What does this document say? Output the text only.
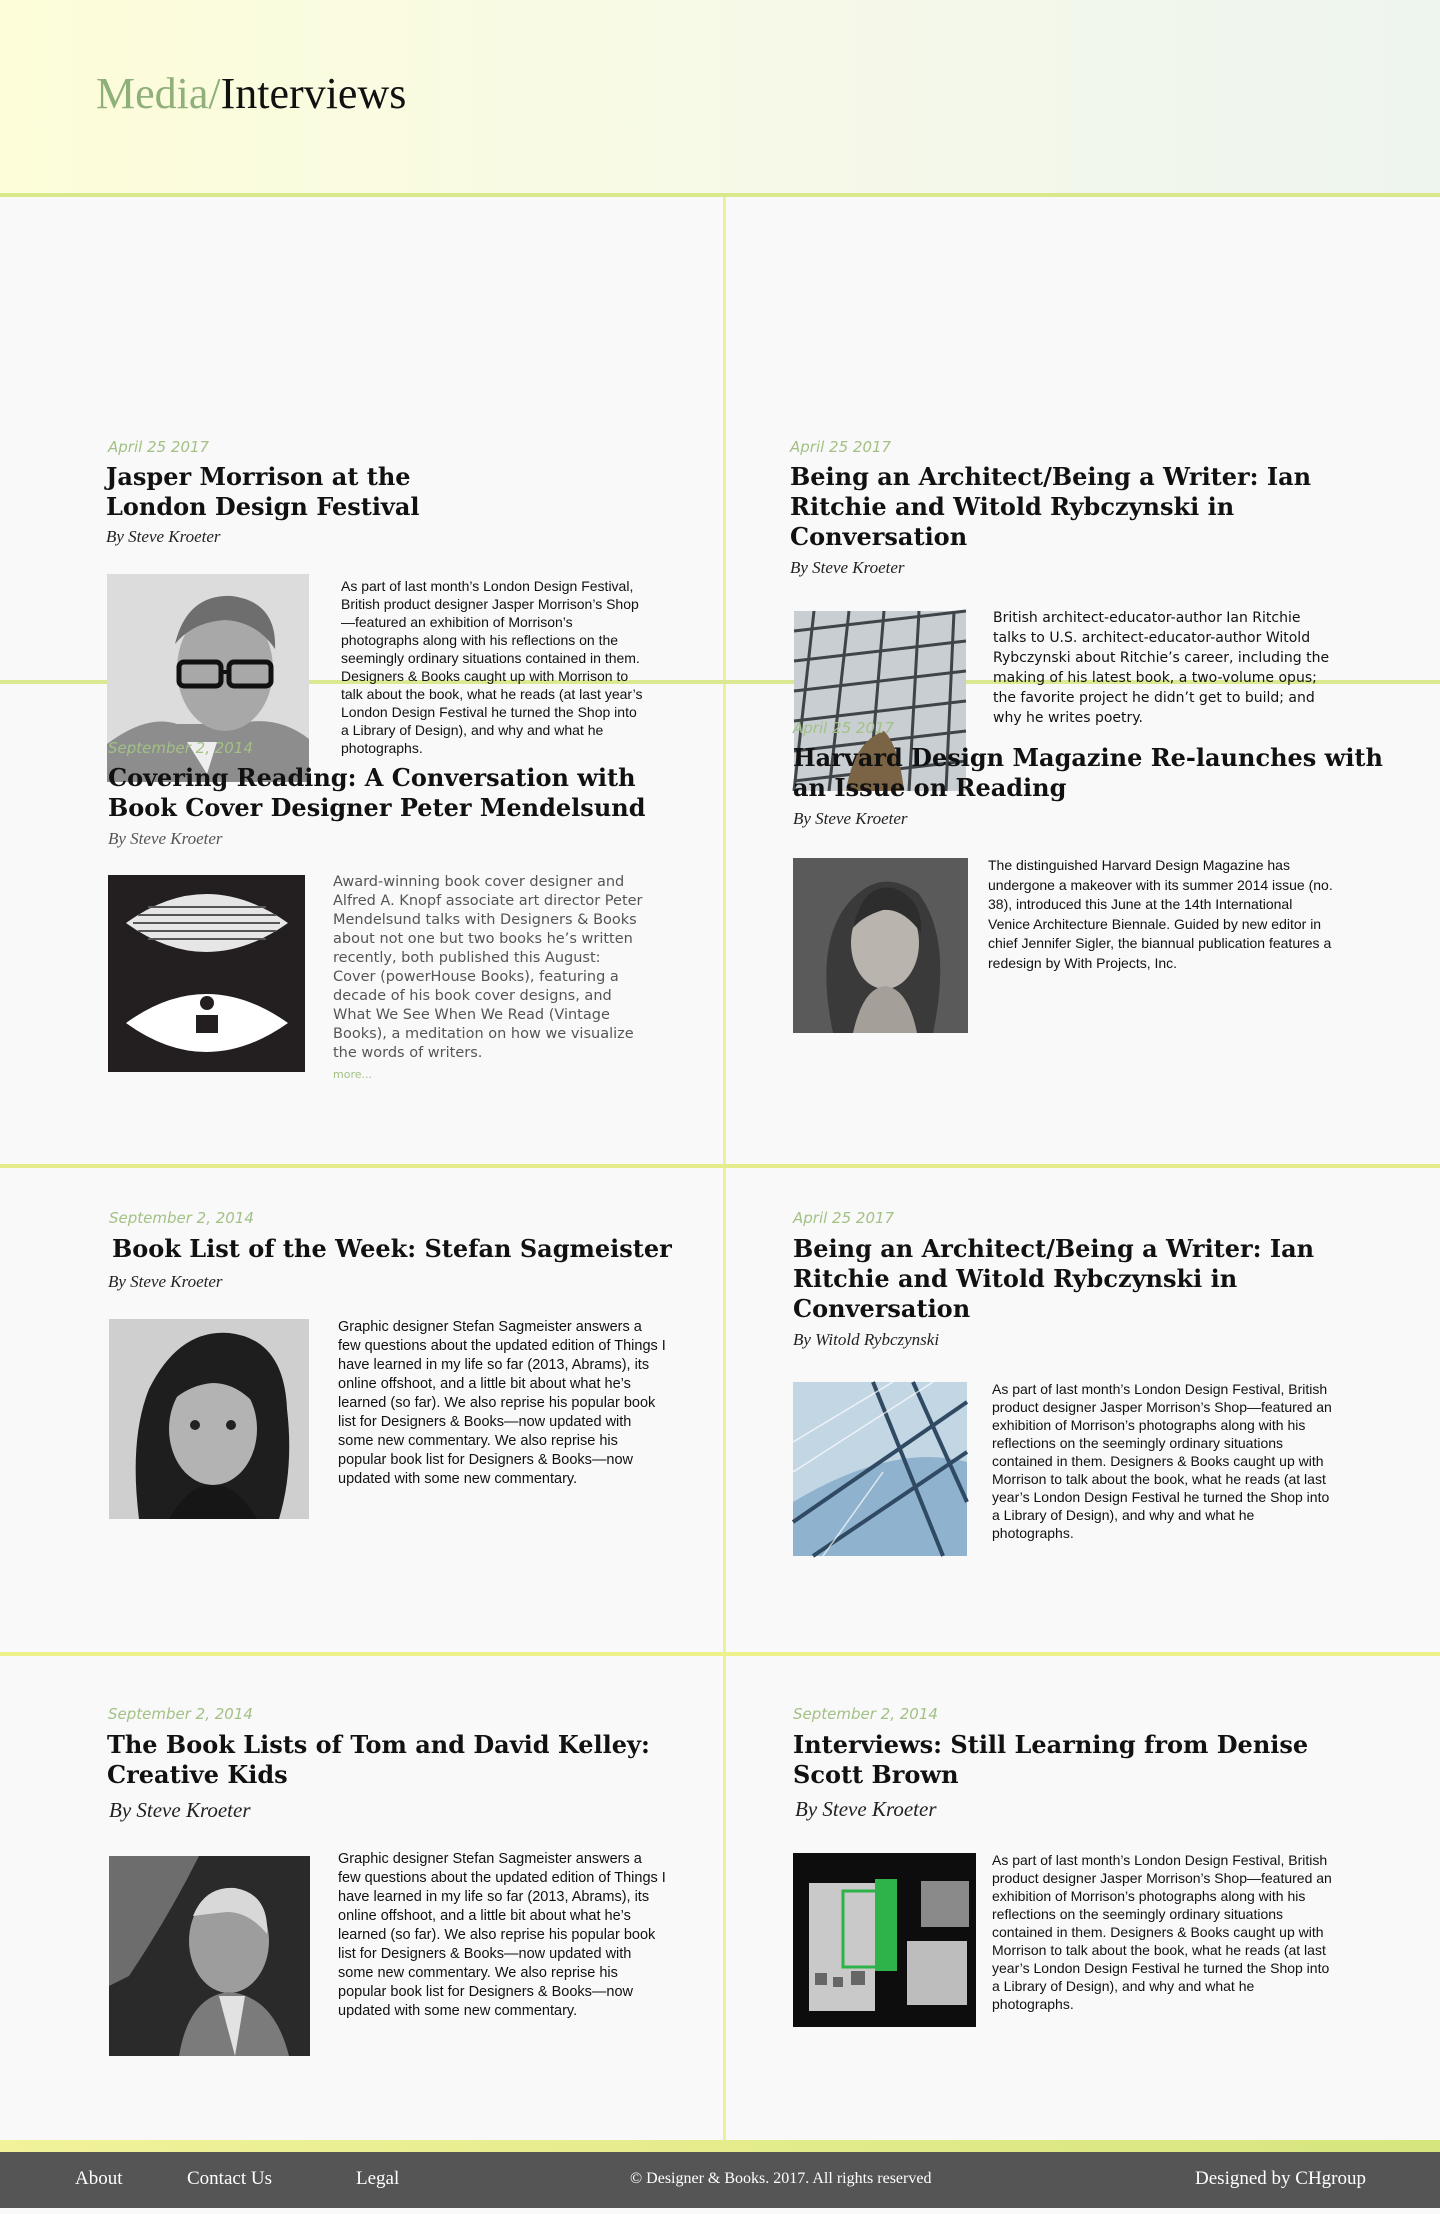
Media/Interviews
April 25 2017
Jasper Morrison at the London Design Festival
By Steve Kroeter
As part of last month’s London Design Festival, British product designer Jasper Morrison’s Shop—featured an exhibition of Morrison’s photographs along with his reflections on the seemingly ordinary situations contained in them. Designers & Books caught up with Morrison to talk about the book, what he reads (at last year’s London Design Festival he turned the Shop into a Library of Design), and why and what he photographs.
April 25 2017
Being an Architect/Being a Writer: Ian Ritchie and Witold Rybczynski in Conversation
By Steve Kroeter
British architect-educator-author Ian Ritchie talks to U.S. architect-educator-author Witold Rybczynski about Ritchie’s career, including the making of his latest book, a two-volume opus; the favorite project he didn’t get to build; and why he writes poetry.
September 2, 2014
Covering Reading: A Conversation with Book Cover Designer Peter Mendelsund
By Steve Kroeter
Award-winning book cover designer and Alfred A. Knopf associate art director Peter Mendelsund talks with Designers & Books about not one but two books he’s written recently, both published this August: Cover (powerHouse Books), featuring a decade of his book cover designs, and What We See When We Read (Vintage Books), a meditation on how we visualize the words of writers.
more...
April 25 2017
Harvard Design Magazine Re-launches with an Issue on Reading
By Steve Kroeter
The distinguished Harvard Design Magazine has undergone a makeover with its summer 2014 issue (no. 38), introduced this June at the 14th International Venice Architecture Biennale. Guided by new editor in chief Jennifer Sigler, the biannual publication features a redesign by With Projects, Inc.
September 2, 2014
Book List of the Week: Stefan Sagmeister
By Steve Kroeter
Graphic designer Stefan Sagmeister answers a few questions about the updated edition of Things I have learned in my life so far (2013, Abrams), its online offshoot, and a little bit about what he’s learned (so far). We also reprise his popular book list for Designers & Books—now updated with some new commentary. We also reprise his popular book list for Designers & Books—now updated with some new commentary.
April 25 2017
Being an Architect/Being a Writer: Ian Ritchie and Witold Rybczynski in Conversation
By Witold Rybczynski
As part of last month’s London Design Festival, British product designer Jasper Morrison’s Shop—featured an exhibition of Morrison’s photographs along with his reflections on the seemingly ordinary situations contained in them. Designers & Books caught up with Morrison to talk about the book, what he reads (at last year’s London Design Festival he turned the Shop into a Library of Design), and why and what he photographs.
September 2, 2014
The Book Lists of Tom and David Kelley: Creative Kids
By Steve Kroeter
Graphic designer Stefan Sagmeister answers a few questions about the updated edition of Things I have learned in my life so far (2013, Abrams), its online offshoot, and a little bit about what he’s learned (so far). We also reprise his popular book list for Designers & Books—now updated with some new commentary. We also reprise his popular book list for Designers & Books—now updated with some new commentary.
September 2, 2014
Interviews: Still Learning from Denise Scott Brown
By Steve Kroeter
As part of last month’s London Design Festival, British product designer Jasper Morrison’s Shop—featured an exhibition of Morrison’s photographs along with his reflections on the seemingly ordinary situations contained in them. Designers & Books caught up with Morrison to talk about the book, what he reads (at last year’s London Design Festival he turned the Shop into a Library of Design), and why and what he photographs.
About	Contact Us	Legal	© Designer & Books. 2017. All rights reserved	Designed by CHgroup
